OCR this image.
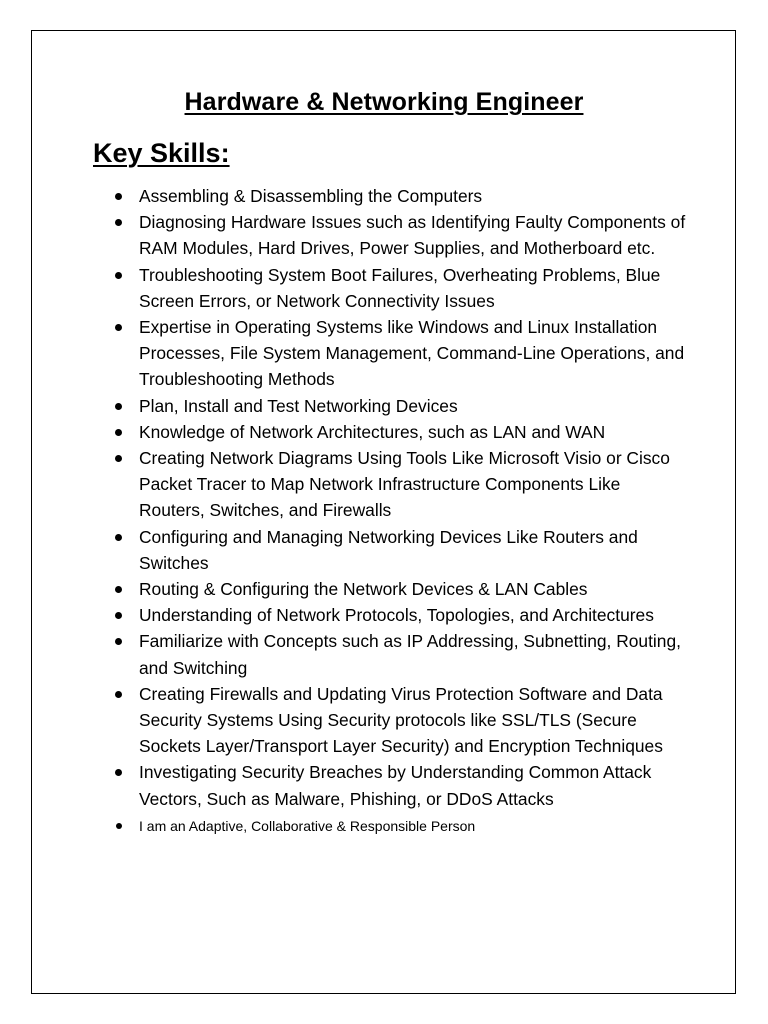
Hardware & Networking Engineer
Key Skills:
Assembling & Disassembling the Computers
Diagnosing Hardware Issues such as Identifying Faulty Components of RAM Modules, Hard Drives, Power Supplies, and Motherboard etc.
Troubleshooting System Boot Failures, Overheating Problems, Blue Screen Errors, or Network Connectivity Issues
Expertise in Operating Systems like Windows and Linux Installation Processes, File System Management, Command-Line Operations, and Troubleshooting Methods
Plan, Install and Test Networking Devices
Knowledge of Network Architectures, such as LAN and WAN
Creating Network Diagrams Using Tools Like Microsoft Visio or Cisco Packet Tracer to Map Network Infrastructure Components Like Routers, Switches, and Firewalls
Configuring and Managing Networking Devices Like Routers and Switches
Routing & Configuring the Network Devices & LAN Cables
Understanding of Network Protocols, Topologies, and Architectures
Familiarize with Concepts such as IP Addressing, Subnetting, Routing, and Switching
Creating Firewalls and Updating Virus Protection Software and Data Security Systems Using Security protocols like SSL/TLS (Secure Sockets Layer/Transport Layer Security) and Encryption Techniques
Investigating Security Breaches by Understanding Common Attack Vectors, Such as Malware, Phishing, or DDoS Attacks
I am an Adaptive, Collaborative & Responsible Person
